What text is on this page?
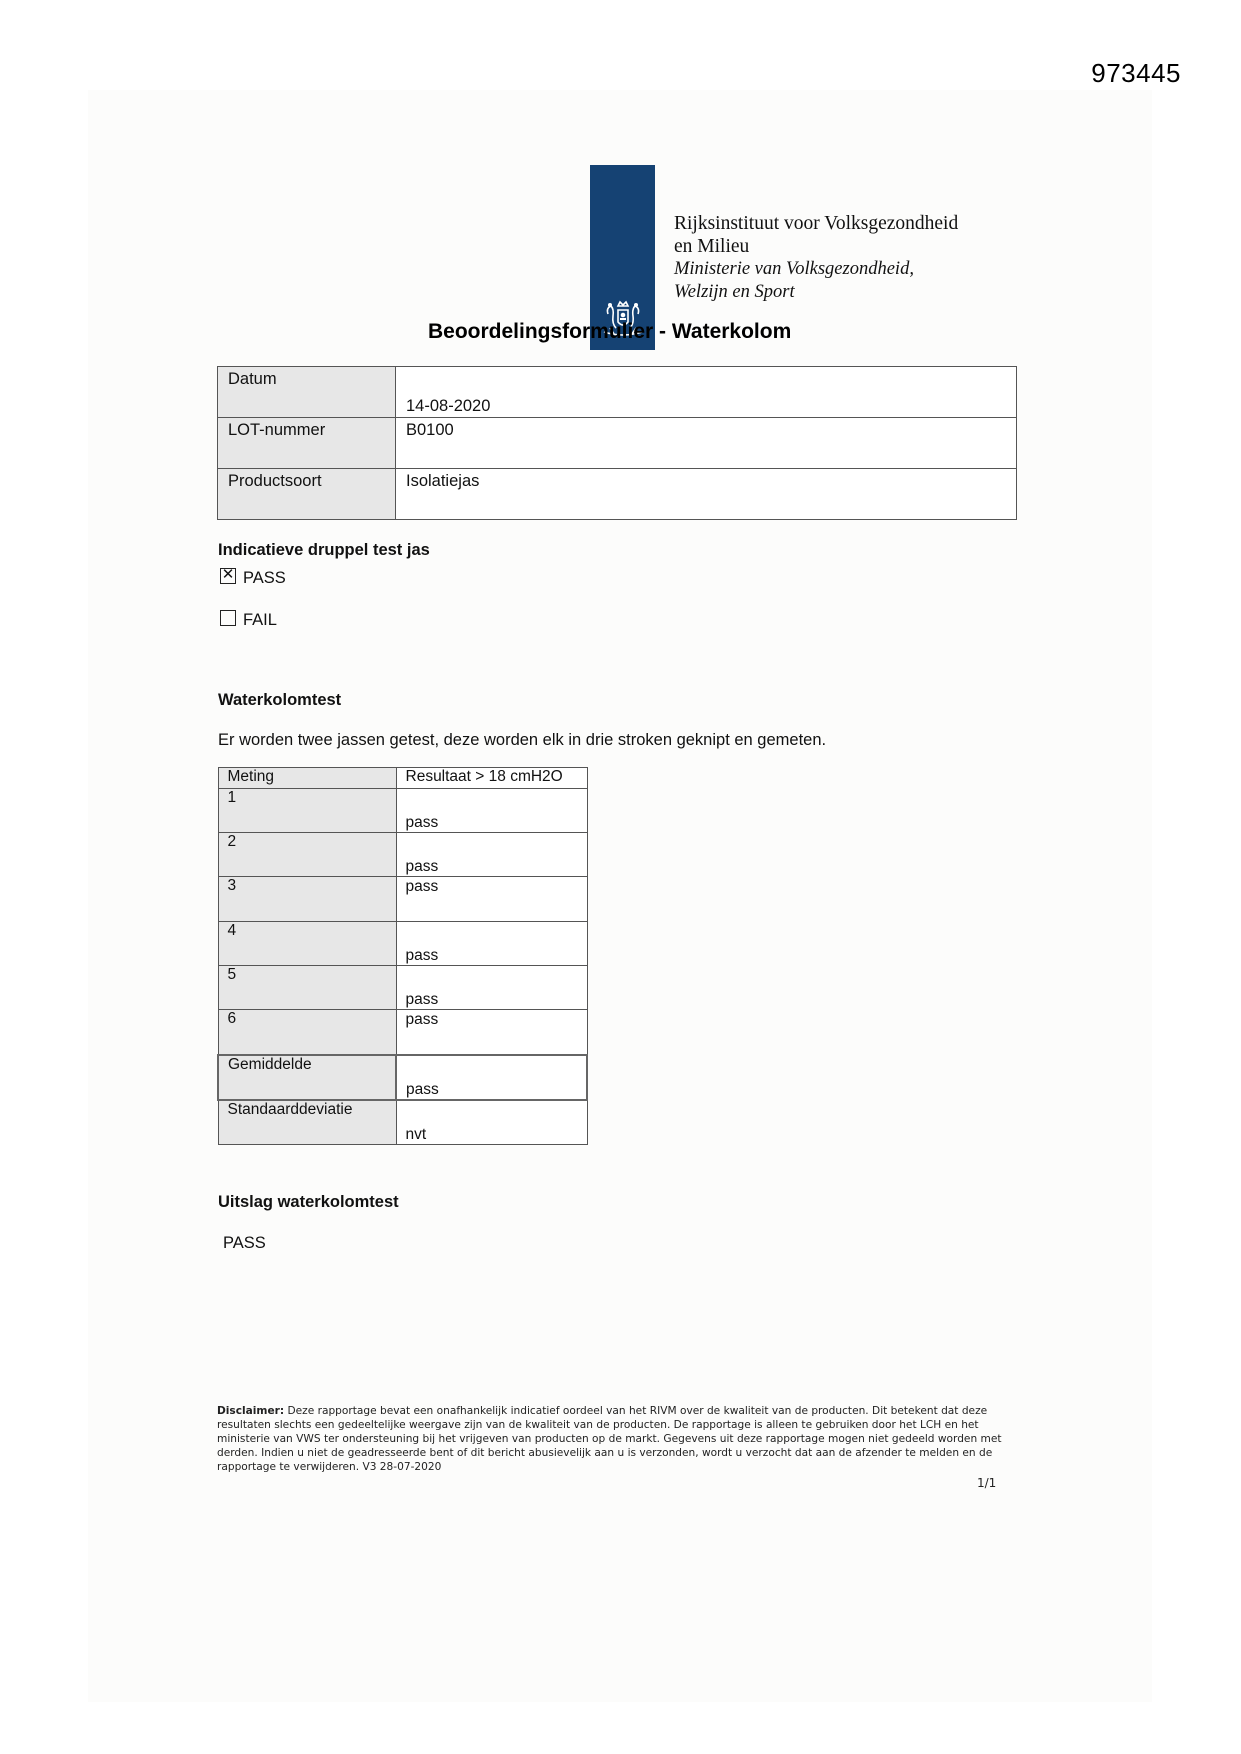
973445
Rijksinstituut voor Volksgezondheid
en Milieu
Ministerie van Volksgezondheid,
Welzijn en Sport
Beoordelingsformulier - Waterkolom
Datum	14-08-2020
LOT-nummer	B0100
Productsoort	Isolatiejas
Indicatieve druppel test jas
✕ PASS
FAIL
Waterkolomtest
Er worden twee jassen getest, deze worden elk in drie stroken geknipt en gemeten.
Meting	Resultaat > 18 cmH2O
1	pass
2	pass
3	pass
4	pass
5	pass
6	pass
Gemiddelde	pass
Standaarddeviatie	nvt
Uitslag waterkolomtest
PASS
Disclaimer: Deze rapportage bevat een onafhankelijk indicatief oordeel van het RIVM over de kwaliteit van de producten. Dit betekent dat deze resultaten slechts een gedeeltelijke weergave zijn van de kwaliteit van de producten. De rapportage is alleen te gebruiken door het LCH en het ministerie van VWS ter ondersteuning bij het vrijgeven van producten op de markt. Gegevens uit deze rapportage mogen niet gedeeld worden met derden. Indien u niet de geadresseerde bent of dit bericht abusievelijk aan u is verzonden, wordt u verzocht dat aan de afzender te melden en de rapportage te verwijderen. V3 28-07-2020
1/1
